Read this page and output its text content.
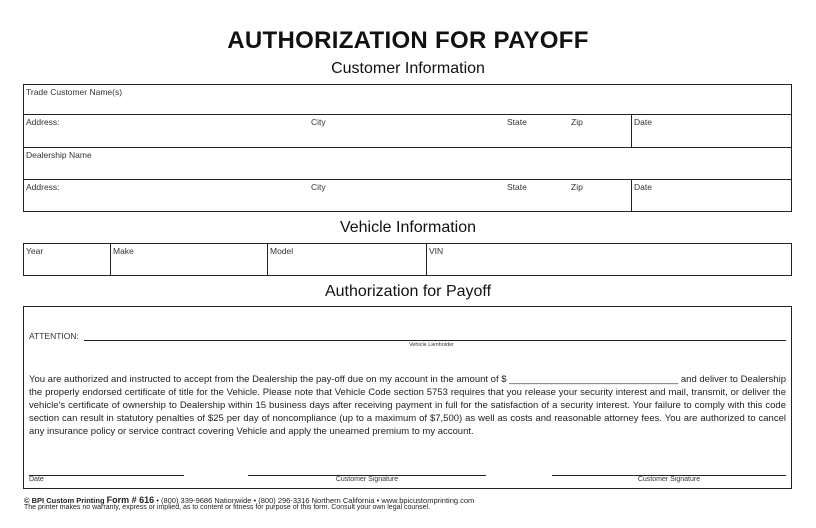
AUTHORIZATION FOR PAYOFF
Customer Information
Trade Customer Name(s)
Address:	City	State	Zip	Date
Dealership Name
Address:	City	State	Zip	Date
Vehicle Information
Year	Make	Model	VIN
Authorization for Payoff
ATTENTION:
Vehicle Lienholder
You are authorized and instructed to accept from the Dealership the pay-off due on my account in the amount of $ ________________________________ and deliver to Dealership the properly endorsed certificate of title for the Vehicle. Please note that Vehicle Code section 5753 requires that you release your security interest and mail, transmit, or deliver the vehicle's certificate of ownership to Dealership within 15 business days after receiving payment in full for the satisfaction of a security interest. Your failure to comply with this code section can result in statutory penalties of $25 per day of noncompliance (up to a maximum of $7,500) as well as costs and reasonable attorney fees. You are authorized to cancel any insurance policy or service contract covering Vehicle and apply the unearned premium to my account.
Date	Customer Signature	Customer Signature
© BPI Custom Printing Form # 616 • (800) 339-9686 Nationwide • (800) 296-3316 Northern California • www.bpicustomprinting.com
The printer makes no warranty, express or implied, as to content or fitness for purpose of this form. Consult your own legal counsel.
